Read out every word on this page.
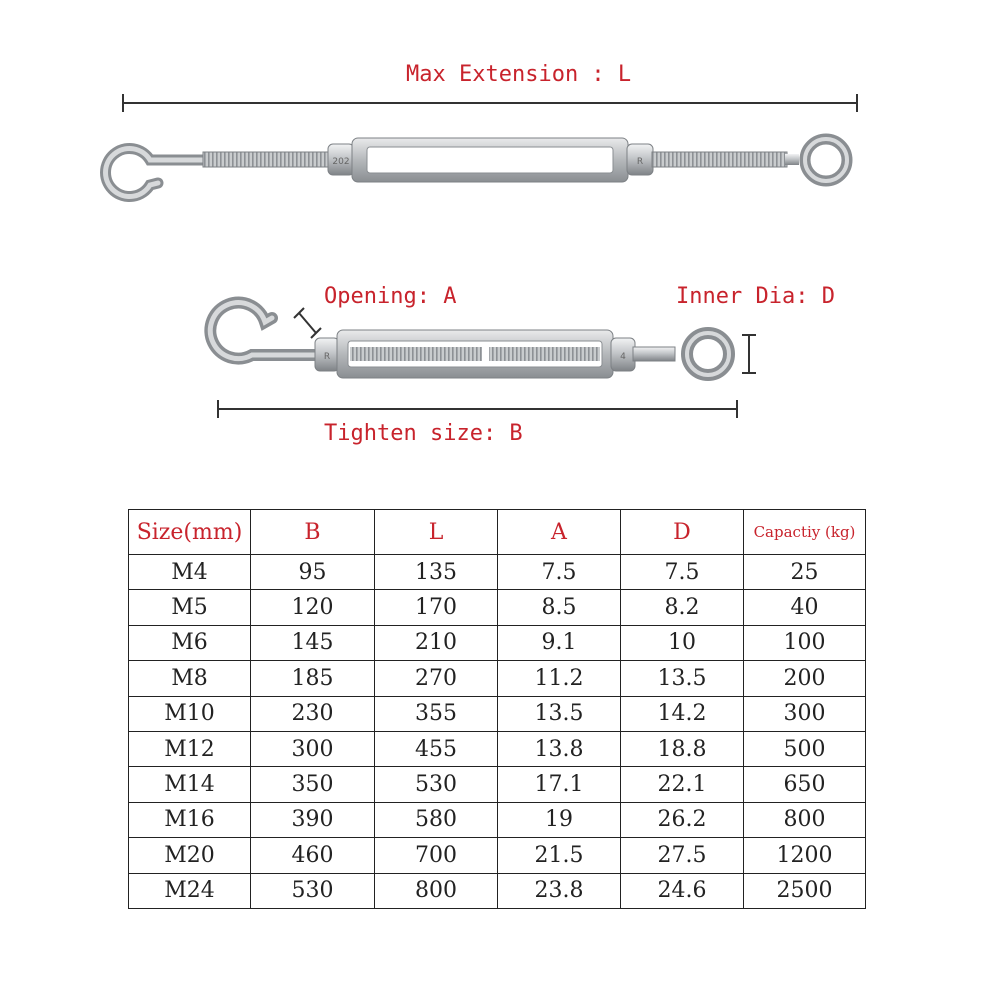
202	R
R	4
Max Extension : L
Opening: A	Inner Dia: D
Tighten size: B
Size(mm)	B	L	A	D	Capactiy (kg)
M4	95	135	7.5	7.5	25
M5	120	170	8.5	8.2	40
M6	145	210	9.1	10	100
M8	185	270	11.2	13.5	200
M10	230	355	13.5	14.2	300
M12	300	455	13.8	18.8	500
M14	350	530	17.1	22.1	650
M16	390	580	19	26.2	800
M20	460	700	21.5	27.5	1200
M24	530	800	23.8	24.6	2500
